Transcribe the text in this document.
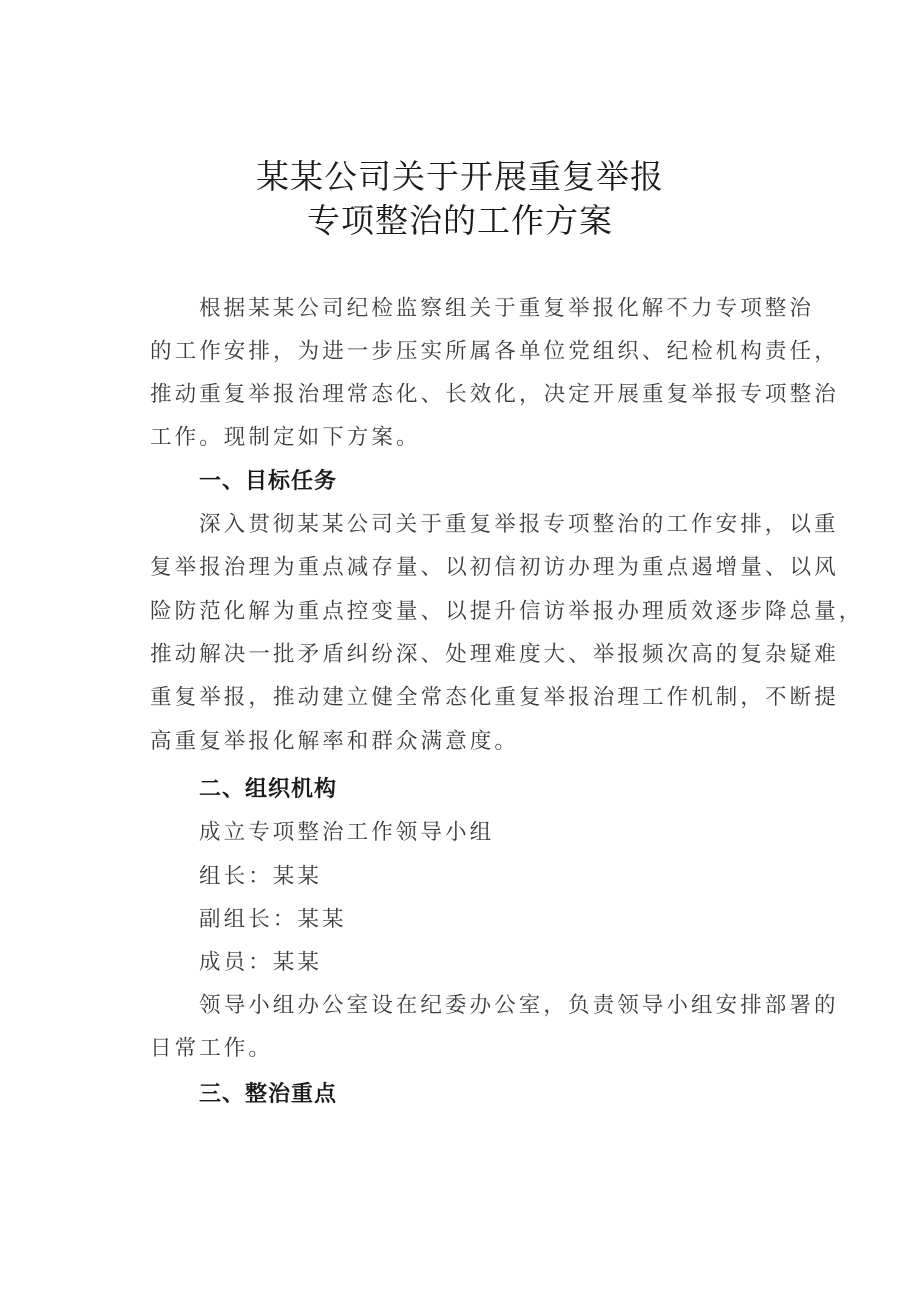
某某公司关于开展重复举报
专项整治的工作方案
根据某某公司纪检监察组关于重复举报化解不力专项整治
的工作安排，为进一步压实所属各单位党组织、纪检机构责任，
推动重复举报治理常态化、长效化，决定开展重复举报专项整治
工作。现制定如下方案。
一、目标任务
深入贯彻某某公司关于重复举报专项整治的工作安排，以重
复举报治理为重点减存量、以初信初访办理为重点遏增量、以风
险防范化解为重点控变量、以提升信访举报办理质效逐步降总量，
推动解决一批矛盾纠纷深、处理难度大、举报频次高的复杂疑难
重复举报，推动建立健全常态化重复举报治理工作机制，不断提
高重复举报化解率和群众满意度。
二、组织机构
成立专项整治工作领导小组
组长：某某
副组长：某某
成员：某某
领导小组办公室设在纪委办公室，负责领导小组安排部署的
日常工作。
三、整治重点
